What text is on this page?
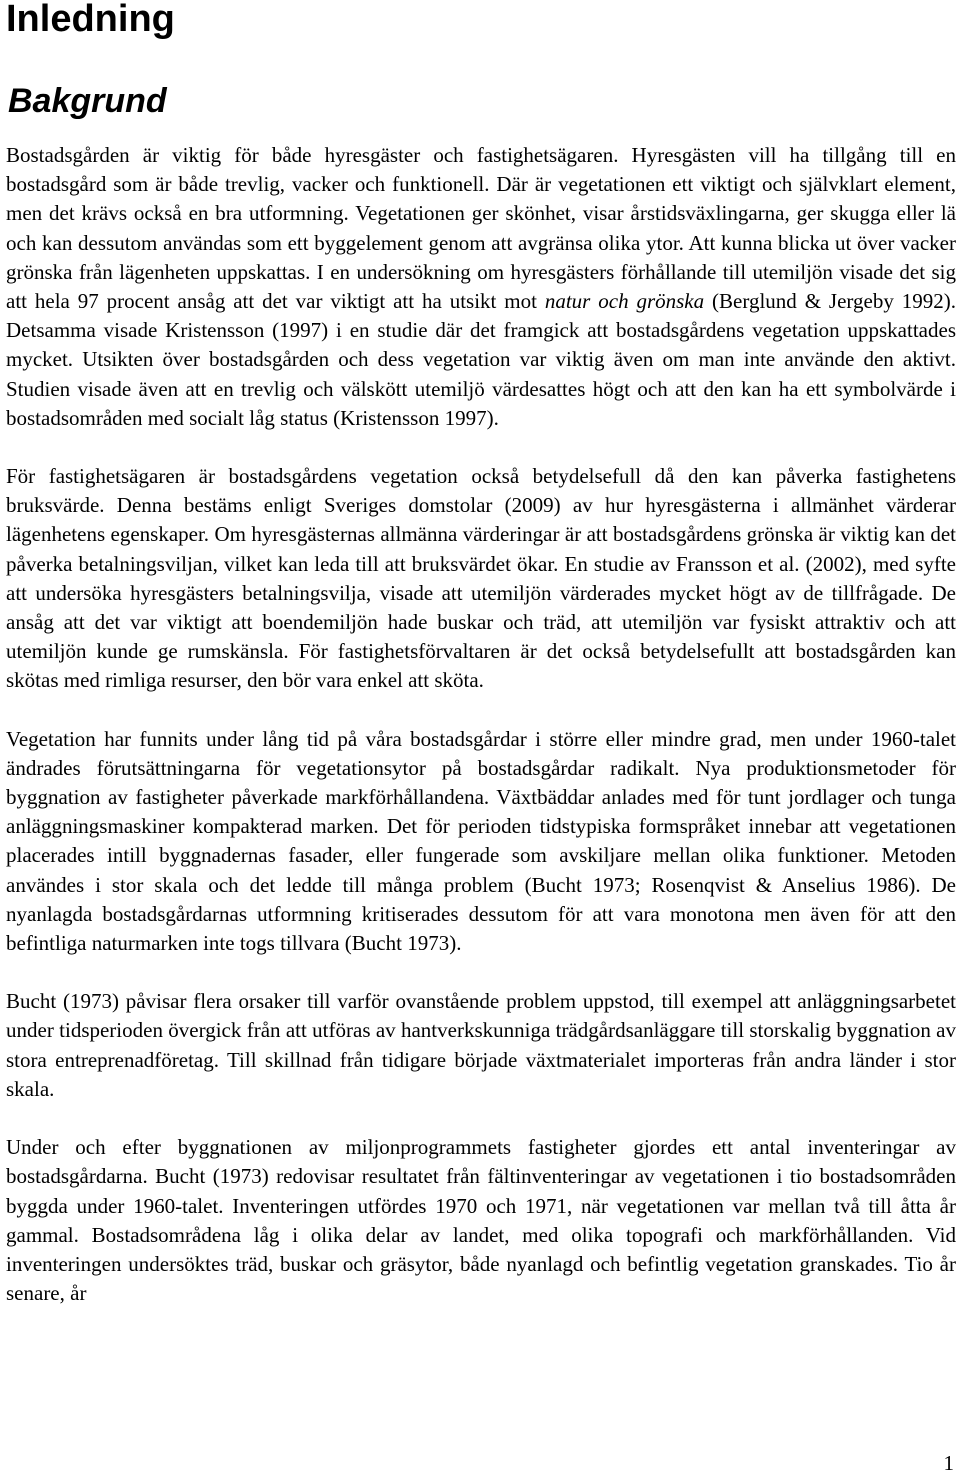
Inledning
Bakgrund

Bostadsgården är viktig för både hyresgäster och fastighetsägaren. Hyresgästen vill ha tillgång till en bostadsgård som är både trevlig, vacker och funktionell. Där är vegetationen ett viktigt och självklart element, men det krävs också en bra utformning. Vegetationen ger skönhet, visar årstidsväxlingarna, ger skugga eller lä och kan dessutom användas som ett byggelement genom att avgränsa olika ytor. Att kunna blicka ut över vacker grönska från lägenheten uppskattas. I en undersökning om hyresgästers förhållande till utemiljön visade det sig att hela 97 procent ansåg att det var viktigt att ha utsikt mot natur och grönska (Berglund & Jergeby 1992). Detsamma visade Kristensson (1997) i en studie där det framgick att bostadsgårdens vegetation uppskattades mycket. Utsikten över bostadsgården och dess vegetation var viktig även om man inte använde den aktivt. Studien visade även att en trevlig och välskött utemiljö värdesattes högt och att den kan ha ett symbolvärde i bostadsområden med socialt låg status (Kristensson 1997).

För fastighetsägaren är bostadsgårdens vegetation också betydelsefull då den kan påverka fastighetens bruksvärde. Denna bestäms enligt Sveriges domstolar (2009) av hur hyresgästerna i allmänhet värderar lägenhetens egenskaper. Om hyresgästernas allmänna värderingar är att bostadsgårdens grönska är viktig kan det påverka betalningsviljan, vilket kan leda till att bruksvärdet ökar. En studie av Fransson et al. (2002), med syfte att undersöka hyresgästers betalningsvilja, visade att utemiljön värderades mycket högt av de tillfrågade. De ansåg att det var viktigt att boendemiljön hade buskar och träd, att utemiljön var fysiskt attraktiv och att utemiljön kunde ge rumskänsla. För fastighetsförvaltaren är det också betydelsefullt att bostadsgården kan skötas med rimliga resurser, den bör vara enkel att sköta.

Vegetation har funnits under lång tid på våra bostadsgårdar i större eller mindre grad, men under 1960-talet ändrades förutsättningarna för vegetationsytor på bostadsgårdar radikalt. Nya produktionsmetoder för byggnation av fastigheter påverkade markförhållandena. Växtbäddar anlades med för tunt jordlager och tunga anläggningsmaskiner kompakterad marken. Det för perioden tidstypiska formspråket innebar att vegetationen placerades intill byggnadernas fasader, eller fungerade som avskiljare mellan olika funktioner. Metoden användes i stor skala och det ledde till många problem (Bucht 1973; Rosenqvist & Anselius 1986). De nyanlagda bostadsgårdarnas utformning kritiserades dessutom för att vara monotona men även för att den befintliga naturmarken inte togs tillvara (Bucht 1973).

Bucht (1973) påvisar flera orsaker till varför ovanstående problem uppstod, till exempel att anläggningsarbetet under tidsperioden övergick från att utföras av hantverkskunniga trädgårdsanläggare till storskalig byggnation av stora entreprenadföretag. Till skillnad från tidigare började växtmaterialet importeras från andra länder i stor skala.

Under och efter byggnationen av miljonprogrammets fastigheter gjordes ett antal inventeringar av bostadsgårdarna. Bucht (1973) redovisar resultatet från fältinventeringar av vegetationen i tio bostadsområden byggda under 1960-talet. Inventeringen utfördes 1970 och 1971, när vegetationen var mellan två till åtta år gammal. Bostadsområdena låg i olika delar av landet, med olika topografi och markförhållanden. Vid inventeringen undersöktes träd, buskar och gräsytor, både nyanlagd och befintlig vegetation granskades. Tio år senare, år

1
